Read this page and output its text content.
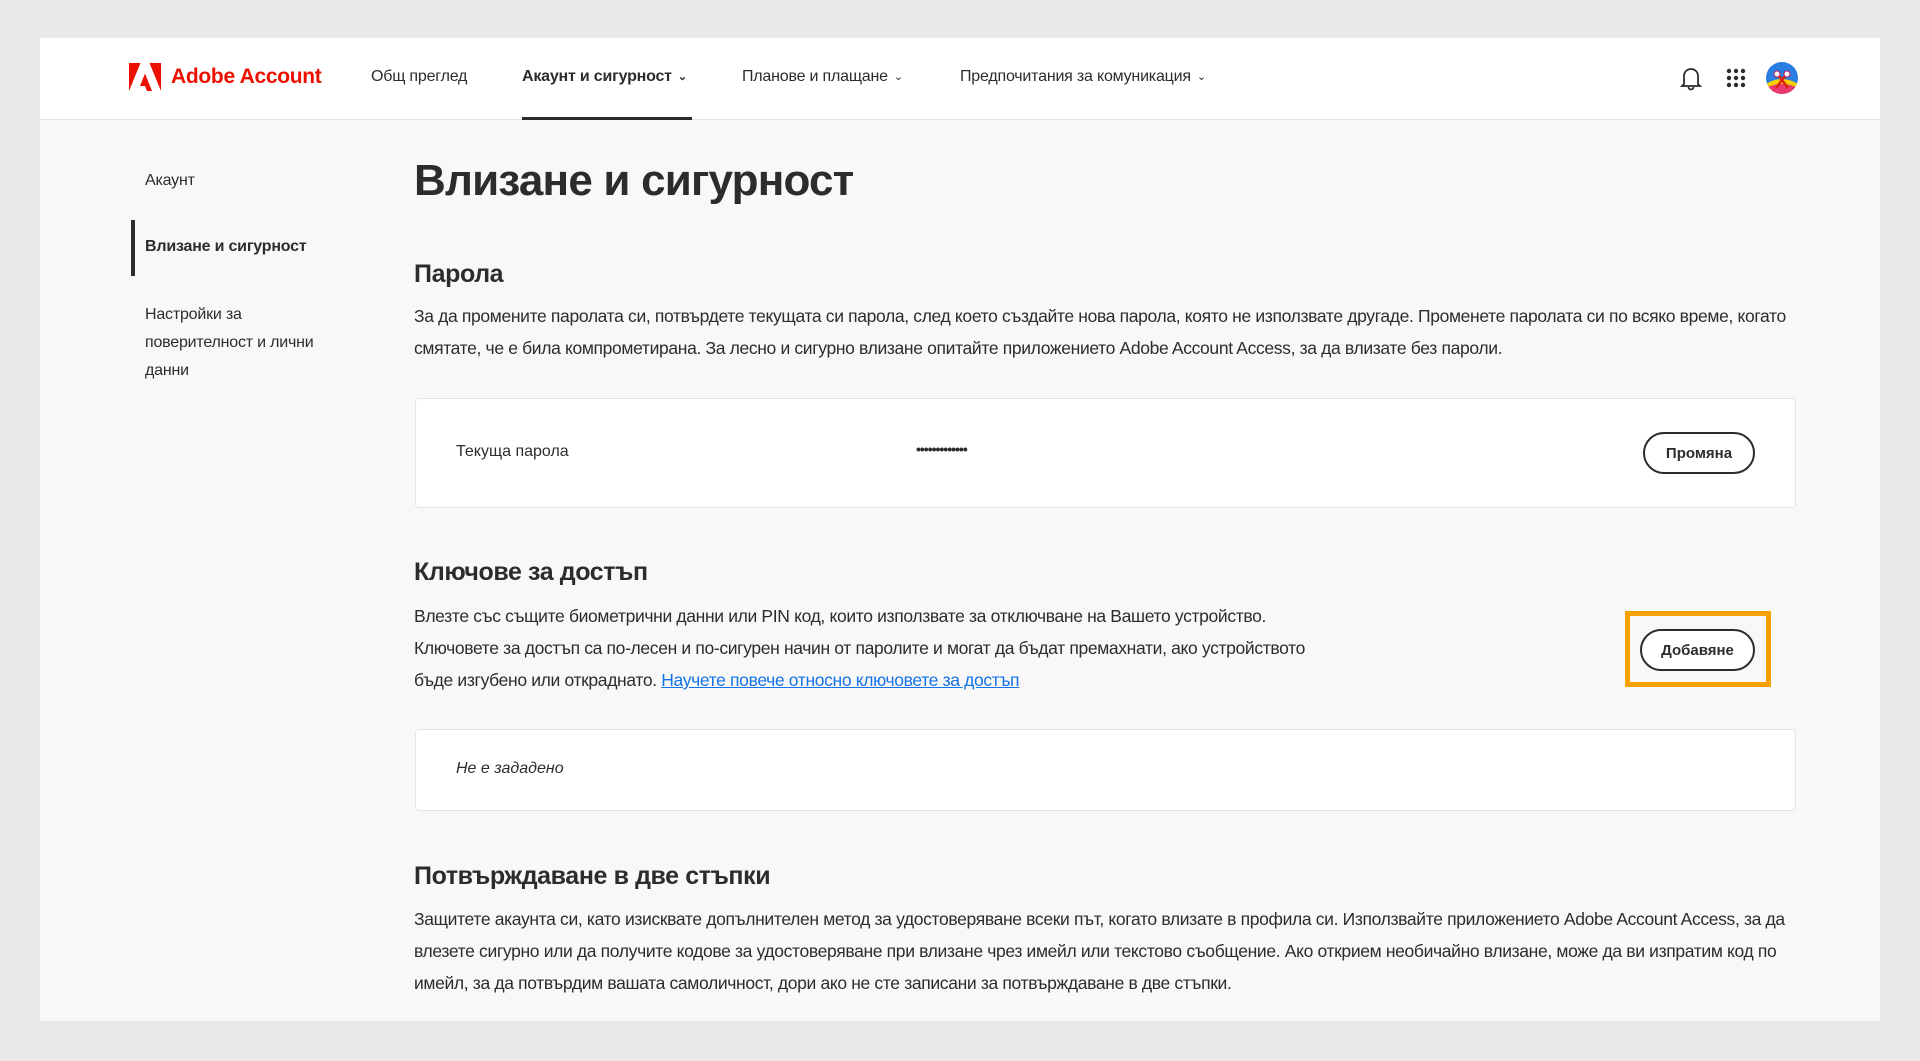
Adobe Account	Общ преглед	Акаунт и сигурност ⌄	Планове и плащане ⌄	Предпочитания за комуникация ⌄
Акаунт
Влизане и сигурност
Настройки за поверителност и лични данни
Влизане и сигурност
Парола
За да промените паролата си, потвърдете текущата си парола, след което създайте нова парола, която не използвате другаде. Променете паролата си по всяко време, когато смятате, че е била компрометирана. За лесно и сигурно влизане опитайте приложението Adobe Account Access, за да влизате без пароли.
Текуща парола	•••••••••••••	Промяна
Ключове за достъп
Влезте със същите биометрични данни или PIN код, които използвате за отключване на Вашето устройство.
Ключовете за достъп са по-лесен и по-сигурен начин от паролите и могат да бъдат премахнати, ако устройството
бъде изгубено или откраднато. Научете повече относно ключовете за достъп
Добавяне
Не е зададено
Потвърждаване в две стъпки
Защитете акаунта си, като изисквате допълнителен метод за удостоверяване всеки път, когато влизате в профила си. Използвайте приложението Adobe Account Access, за да влезете сигурно или да получите кодове за удостоверяване при влизане чрез имейл или текстово съобщение. Ако открием необичайно влизане, може да ви изпратим код по имейл, за да потвърдим вашата самоличност, дори ако не сте записани за потвърждаване в две стъпки.
